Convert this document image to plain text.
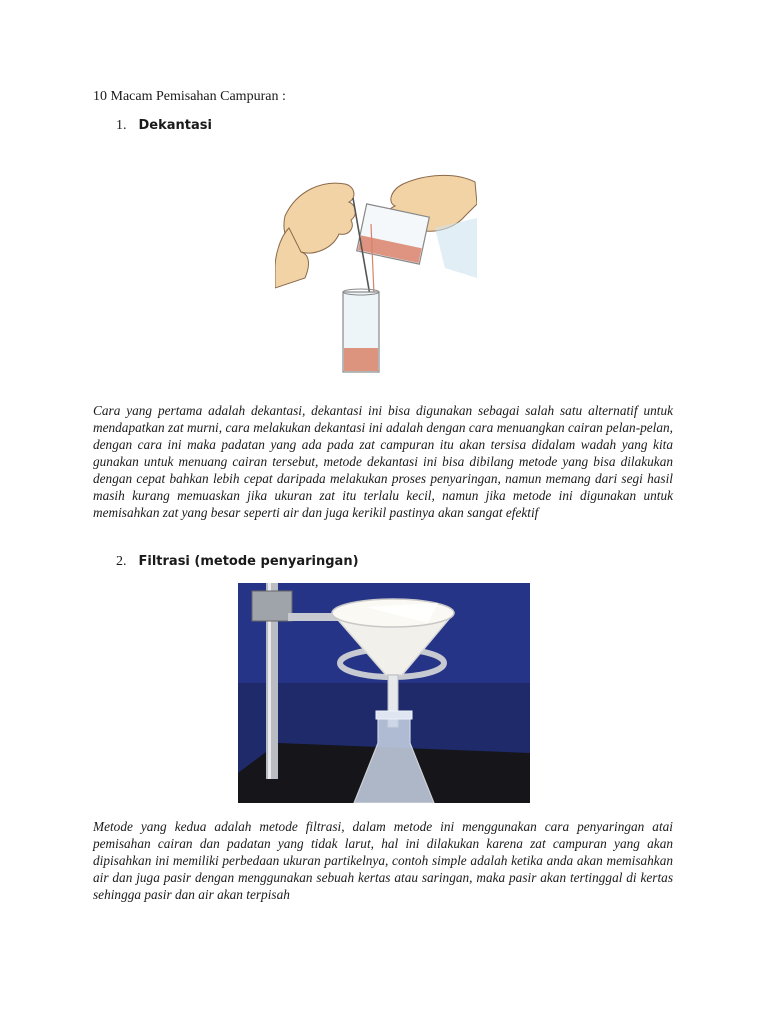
10 Macam Pemisahan Campuran :
1. Dekantasi

Cara yang pertama adalah dekantasi, dekantasi ini bisa digunakan sebagai salah satu alternatif untuk mendapatkan zat murni, cara melakukan dekantasi ini adalah dengan cara menuangkan cairan pelan-pelan, dengan cara ini maka padatan yang ada pada zat campuran itu akan tersisa didalam wadah yang kita gunakan untuk menuang cairan tersebut, metode dekantasi ini bisa dibilang metode yang bisa dilakukan dengan cepat bahkan lebih cepat daripada melakukan proses penyaringan, namun memang dari segi hasil masih kurang memuaskan jika ukuran zat itu terlalu kecil, namun jika metode ini digunakan untuk memisahkan zat yang besar seperti air dan juga kerikil pastinya akan sangat efektif

2. Filtrasi (metode penyaringan)

Metode yang kedua adalah metode filtrasi, dalam metode ini menggunakan cara penyaringan atai pemisahan cairan dan padatan yang tidak larut, hal ini dilakukan karena zat campuran yang akan dipisahkan ini memiliki perbedaan ukuran partikelnya, contoh simple adalah ketika anda akan memisahkan air dan juga pasir dengan menggunakan sebuah kertas atau saringan, maka pasir akan tertinggal di kertas sehingga pasir dan air akan terpisah
